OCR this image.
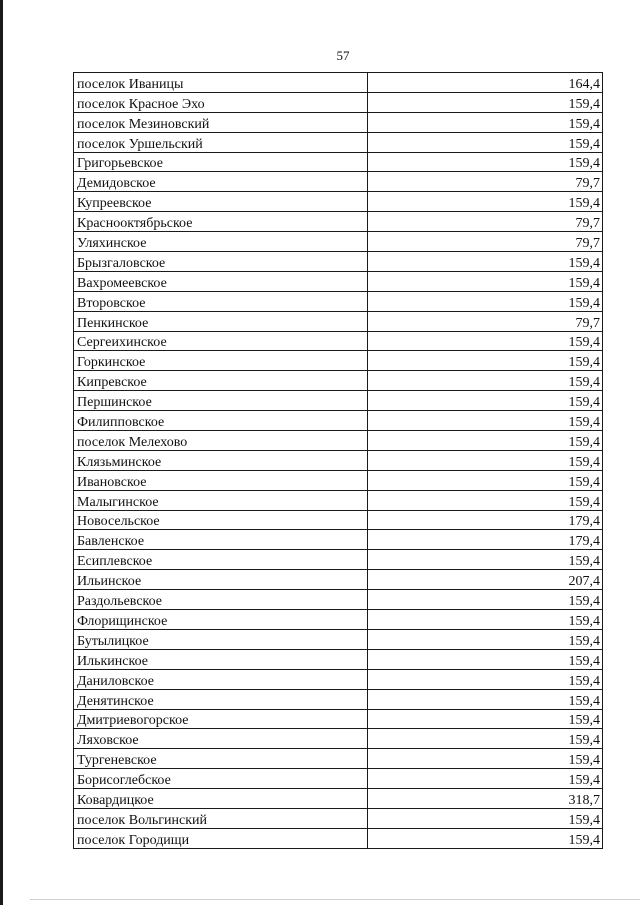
57
поселок Иваницы	164,4
поселок Красное Эхо	159,4
поселок Мезиновский	159,4
поселок Уршельский	159,4
Григорьевское	159,4
Демидовское	79,7
Купреевское	159,4
Краснооктябрьское	79,7
Уляхинское	79,7
Брызгаловское	159,4
Вахромеевское	159,4
Второвское	159,4
Пенкинское	79,7
Сергеихинское	159,4
Горкинское	159,4
Кипревское	159,4
Першинское	159,4
Филипповское	159,4
поселок Мелехово	159,4
Клязьминское	159,4
Ивановское	159,4
Малыгинское	159,4
Новосельское	179,4
Бавленское	179,4
Есиплевское	159,4
Ильинское	207,4
Раздольевское	159,4
Флорищинское	159,4
Бутылицкое	159,4
Илькинское	159,4
Даниловское	159,4
Денятинское	159,4
Дмитриевогорское	159,4
Ляховское	159,4
Тургеневское	159,4
Борисоглебское	159,4
Ковардицкое	318,7
поселок Вольгинский	159,4
поселок Городищи	159,4
